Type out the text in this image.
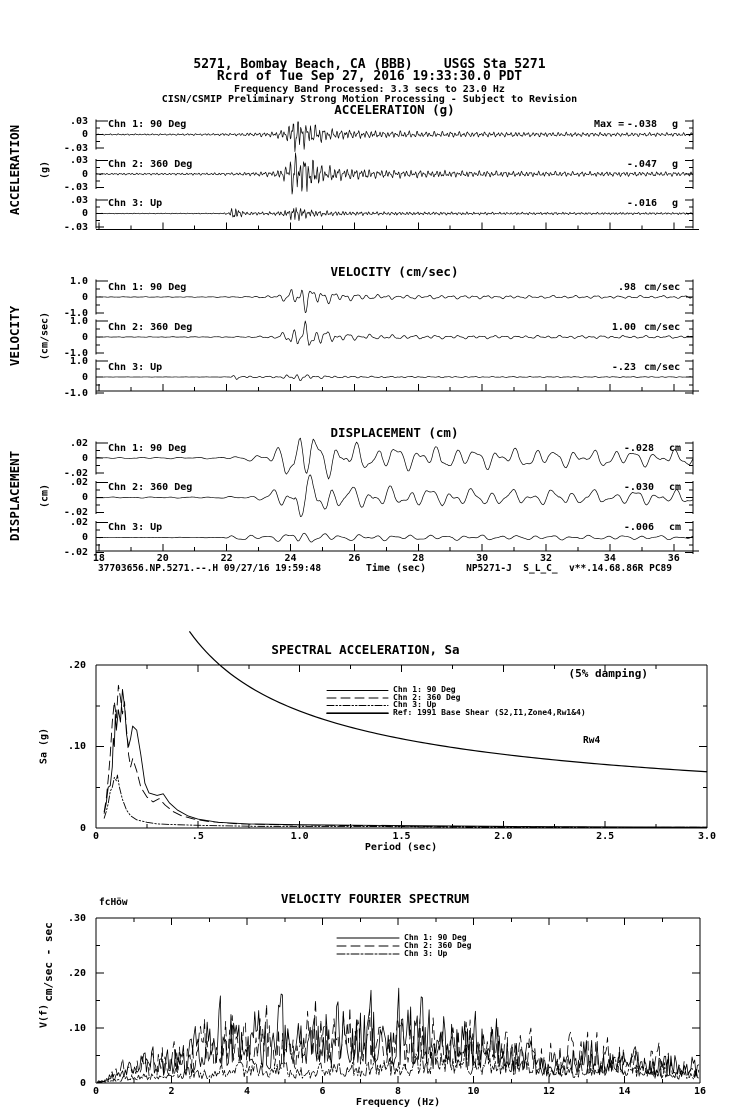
5271, Bombay Beach, CA (BBB)    USGS Sta 5271
Rcrd of Tue Sep 27, 2016 19:33:30.0 PDT
Frequency Band Processed: 3.3 secs to 23.0 Hz
CISN/CSMIP Preliminary Strong Motion Processing - Subject to Revision
ACCELERATION (g)
VELOCITY (cm/sec)
DISPLACEMENT (cm)
ACCELERATION (g)
VELOCITY (cm/sec)
DISPLACEMENT (cm)
Time (sec)
37703656.NP.5271.--.H 09/27/16 19:59:48	NP5271-J  S_L_C_  v**.14.68.86R PC89
SPECTRAL ACCELERATION, Sa
(5% damping)
Sa (g)
Period (sec)
Rw4
VELOCITY FOURIER SPECTRUM
fcHöw
cm/sec - sec
V(f)
Frequency (Hz)
Chn 1: 90 Deg
.03
0
-.03
Max = -.038 g
Chn 2: 360 Deg
.03
0
-.03
-.047 g
Chn 3: Up
.03
0
-.03
-.016 g
Chn 1: 90 Deg
1.0
0
-1.0
.98 cm/sec
Chn 2: 360 Deg
1.0
0
-1.0
1.00 cm/sec
Chn 3: Up
1.0
0
-1.0
-.23 cm/sec
Chn 1: 90 Deg
.02
0
-.02
-.028 cm
Chn 2: 360 Deg
.02
0
-.02
-.030 cm
Chn 3: Up
.02
0
-.02
-.006 cm
18	20	22	24	26	28	30	32	34	36
.20
.10
0
0	.5	1.0	1.5	2.0	2.5	3.0
Chn 1: 90 Deg
Chn 2: 360 Deg
Chn 3: Up
Ref: 1991 Base Shear (S2,I1,Zone4,Rw1&4)
.30
.20
.10
0
0	2	4	6	8	10	12	14	16
Chn 1: 90 Deg
Chn 2: 360 Deg
Chn 3: Up
